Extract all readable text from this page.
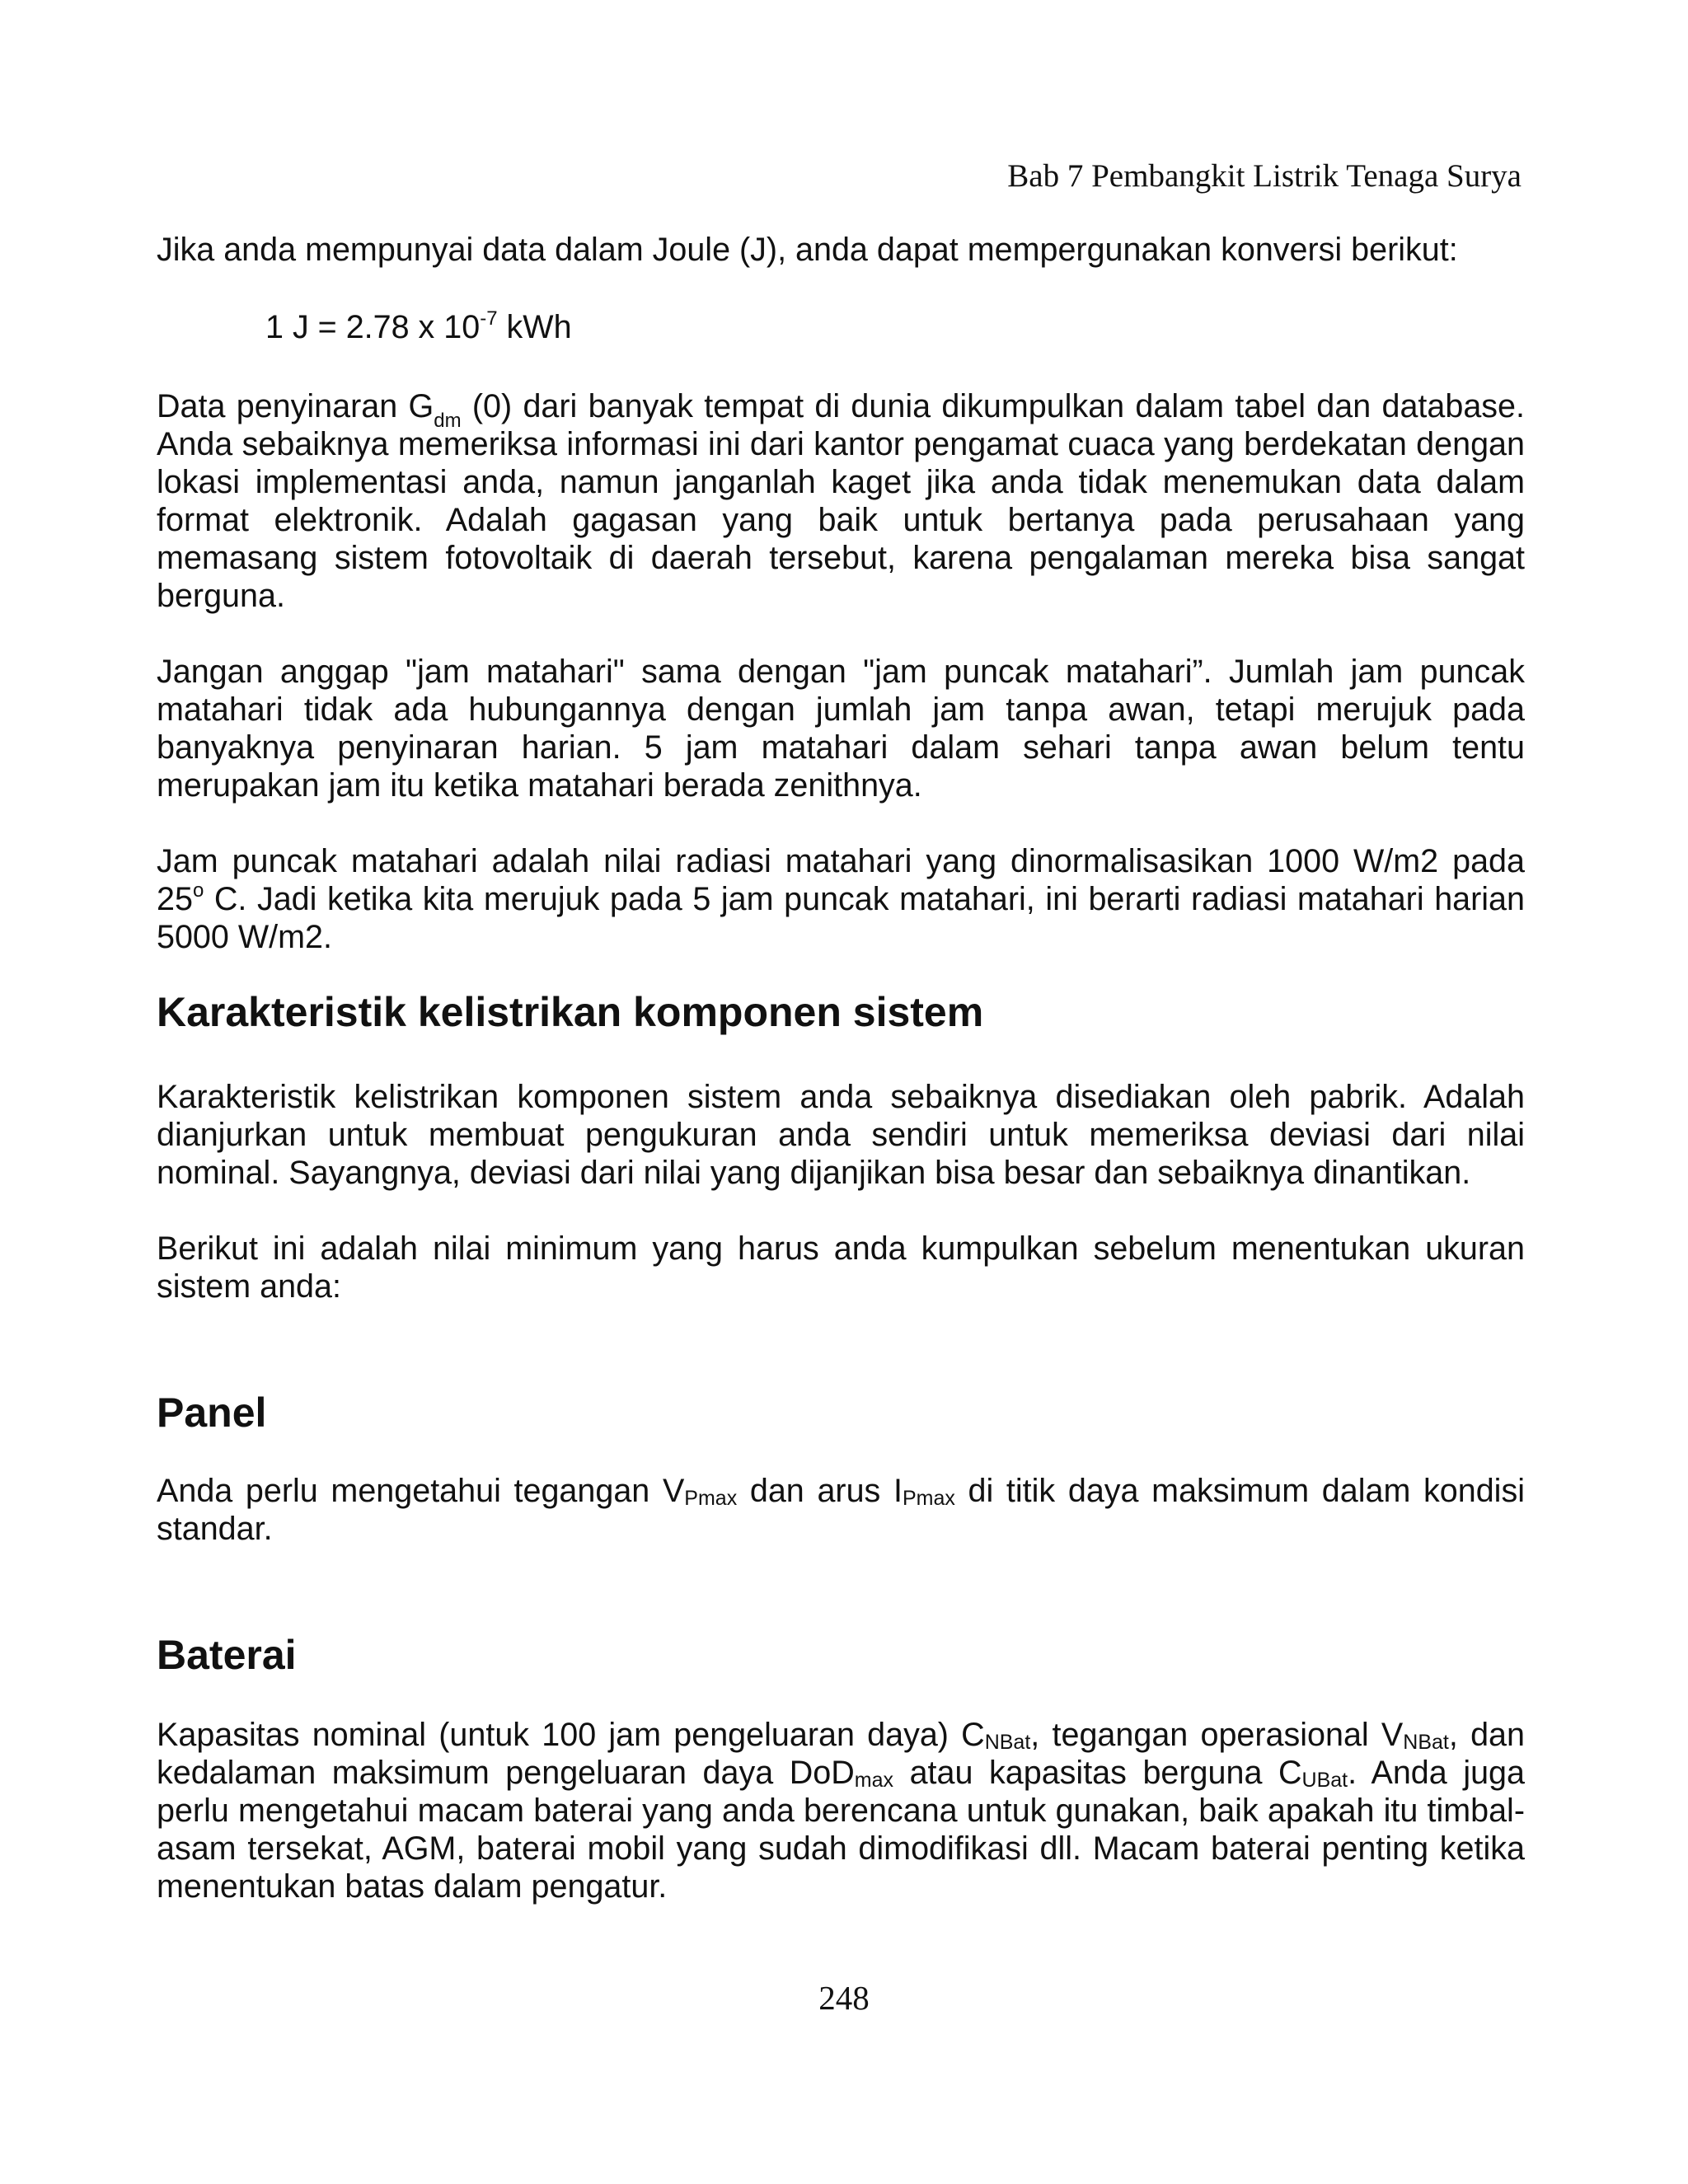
Bab 7 Pembangkit Listrik Tenaga Surya

Jika anda mempunyai data dalam Joule (J), anda dapat mempergunakan konversi berikut:

1 J = 2.78 x $10^{-7}$ kWh

Data penyinaran $G_{dm}$ (0) dari banyak tempat di dunia dikumpulkan dalam tabel dan database. Anda sebaiknya memeriksa informasi ini dari kantor pengamat cuaca yang berdekatan dengan lokasi implementasi anda, namun janganlah kaget jika anda tidak menemukan data dalam format elektronik. Adalah gagasan yang baik untuk bertanya pada perusahaan yang memasang sistem fotovoltaik di daerah tersebut, karena pengalaman mereka bisa sangat berguna.

Jangan anggap "jam matahari" sama dengan "jam puncak matahari”. Jumlah jam puncak matahari tidak ada hubungannya dengan jumlah jam tanpa awan, tetapi merujuk pada banyaknya penyinaran harian. 5 jam matahari dalam sehari tanpa awan belum tentu merupakan jam itu ketika matahari berada zenithnya.

Jam puncak matahari adalah nilai radiasi matahari yang dinormalisasikan 1000 W/m2 pada 25$^o$ C. Jadi ketika kita merujuk pada 5 jam puncak matahari, ini berarti radiasi matahari harian 5000 W/m2.

Karakteristik kelistrikan komponen sistem

Karakteristik kelistrikan komponen sistem anda sebaiknya disediakan oleh pabrik. Adalah dianjurkan untuk membuat pengukuran anda sendiri untuk memeriksa deviasi dari nilai nominal. Sayangnya, deviasi dari nilai yang dijanjikan bisa besar dan sebaiknya dinantikan.

Berikut ini adalah nilai minimum yang harus anda kumpulkan sebelum menentukan ukuran sistem anda:

Panel

Anda perlu mengetahui tegangan $V_{Pmax}$ dan arus $I_{Pmax}$ di titik daya maksimum dalam kondisi standar.

Baterai

Kapasitas nominal (untuk 100 jam pengeluaran daya) $C_{NBat}$, tegangan operasional $V_{NBat}$, dan kedalaman maksimum pengeluaran daya DoD$_{max}$ atau kapasitas berguna $C_{UBat}$. Anda juga perlu mengetahui macam baterai yang anda berencana untuk gunakan, baik apakah itu timbal-asam tersekat, AGM, baterai mobil yang sudah dimodifikasi dll. Macam baterai penting ketika menentukan batas dalam pengatur.

248
